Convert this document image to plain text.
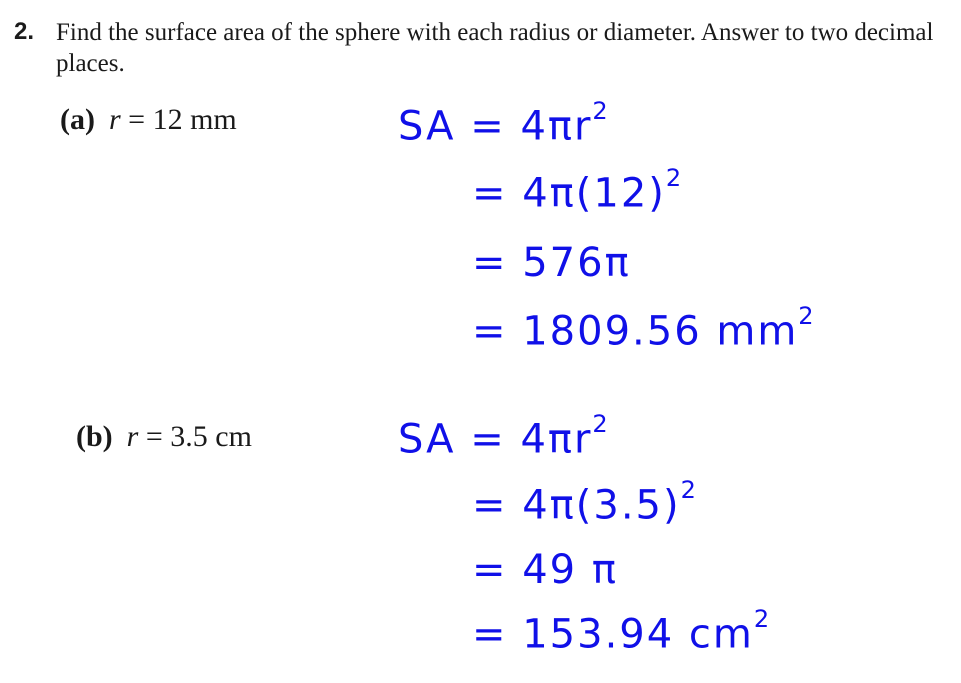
2. Find the surface area of the sphere with each radius or diameter. Answer to two decimal places.
(a) r = 12 mm	SA = $4\pi r^2$
= $4\pi(12)^2$
= 576π
= 1809.56 $mm^2$
(b) r = 3.5 cm	SA = $4\pi r^2$
= $4\pi(3.5)^2$
= 49 π
= 153.94 $cm^2$
